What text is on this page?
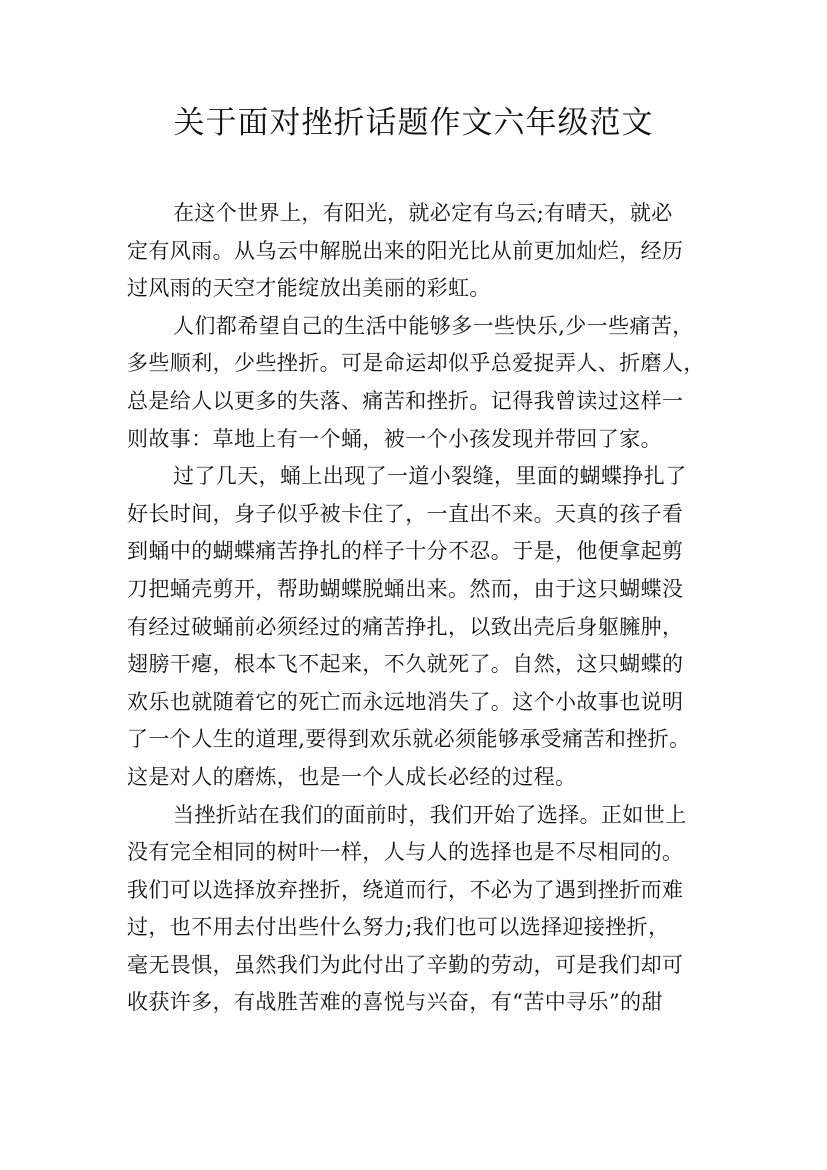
关于面对挫折话题作文六年级范文
在这个世界上，有阳光，就必定有乌云;有晴天，就必
定有风雨。从乌云中解脱出来的阳光比从前更加灿烂，经历
过风雨的天空才能绽放出美丽的彩虹。
人们都希望自己的生活中能够多一些快乐,少一些痛苦，
多些顺利，少些挫折。可是命运却似乎总爱捉弄人、折磨人，
总是给人以更多的失落、痛苦和挫折。记得我曾读过这样一
则故事：草地上有一个蛹，被一个小孩发现并带回了家。
过了几天，蛹上出现了一道小裂缝，里面的蝴蝶挣扎了
好长时间，身子似乎被卡住了，一直出不来。天真的孩子看
到蛹中的蝴蝶痛苦挣扎的样子十分不忍。于是，他便拿起剪
刀把蛹壳剪开，帮助蝴蝶脱蛹出来。然而，由于这只蝴蝶没
有经过破蛹前必须经过的痛苦挣扎，以致出壳后身躯臃肿，
翅膀干瘪，根本飞不起来，不久就死了。自然，这只蝴蝶的
欢乐也就随着它的死亡而永远地消失了。这个小故事也说明
了一个人生的道理,要得到欢乐就必须能够承受痛苦和挫折。
这是对人的磨炼，也是一个人成长必经的过程。
当挫折站在我们的面前时，我们开始了选择。正如世上
没有完全相同的树叶一样，人与人的选择也是不尽相同的。
我们可以选择放弃挫折，绕道而行，不必为了遇到挫折而难
过，也不用去付出些什么努力;我们也可以选择迎接挫折，
毫无畏惧，虽然我们为此付出了辛勤的劳动，可是我们却可
收获许多，有战胜苦难的喜悦与兴奋，有“苦中寻乐”的甜
